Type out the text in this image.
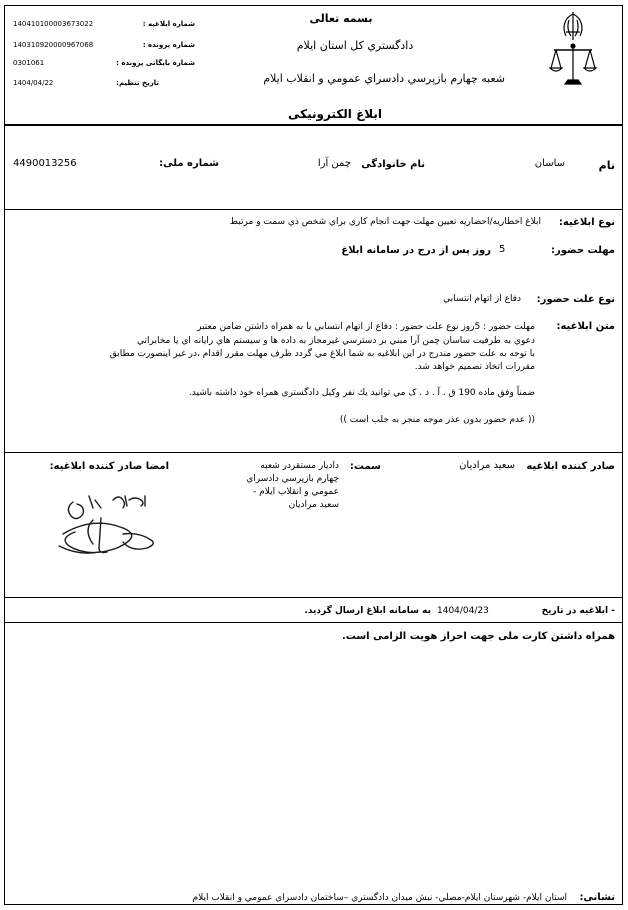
بسمه تعالی
دادگستري كل استان ايلام
شعبه چهارم بازپرسي دادسراي عمومي و انقلاب ايلام
ابلاغ الکترونیکی
شماره ابلاغیه :
140410100003673022
شماره پرونده :
140310920000967068
شماره بایگانی پرونده :
0301061
تاریخ تنظیم:
1404/04/22
نام
ساسان
نام خانوادگی
چمن آرا
شماره ملی:
4490013256
نوع ابلاغیه:
ابلاغ اخطاریه/احضاریه تعیین مهلت جهت انجام كاري براي شخص ذي سمت و مرتبط
مهلت حضور:
5
روز پس از درج در سامانه ابلاغ
نوع علت حضور:
دفاع از اتهام انتسابي
متن ابلاغیه:
مهلت حضور : 5روز نوع علت حضور : دفاع از اتهام انتسابي با به همراه داشتن ضامن معتبر
دعوي به طرفيت ساسان چمن آرا مبني بر دسترسي غيرمجاز به داده ها و سيستم هاي رايانه اي يا مخابراتي
با توجه به علت حضور مندرج در اين ابلاغيه به شما ابلاغ مي گردد ظرف مهلت مقرر اقدام ،در غير اينصورت مطابق
مقررات اتخاذ تصميم خواهد شد.
ضمناً وفق ماده 190 ق . آ . د . ک مي توانيد يك نفر وكيل دادگستري همراه خود داشته باشيد.
(( عدم حضور بدون عذر موجه منجر به جلب است ))
صادر کننده ابلاغیه
سعید مرادیان
سمت:
دادیار مستقردر شعبه
چهارم بازپرسي دادسراي
عمومي و انقلاب ايلام -
سعید مرادیان
امضا صادر کننده ابلاغیه:
- ابلاغیه در تاریخ
1404/04/23
به سامانه ابلاغ ارسال گردید.
همراه داشتن کارت ملی جهت احراز هویت الزامی است.
نشانی:
استان ايلام- شهرستان ايلام-مصلي- نبش ميدان دادگستري –ساختمان دادسراي عمومي و انقلاب ايلام
